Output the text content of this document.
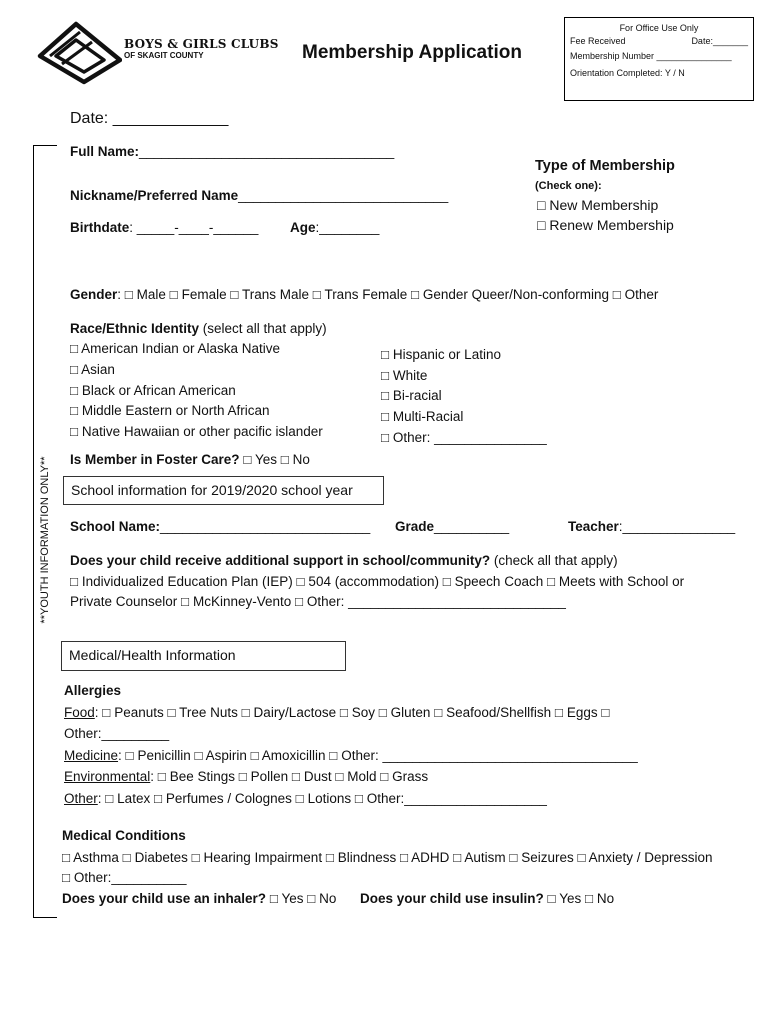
BOYS & GIRLS CLUBS
OF SKAGIT COUNTY	Membership Application
For Office Use Only
Fee Received	Date:_______
Membership Number _______________
Orientation Completed: Y / N
**YOUTH INFORMATION ONLY**
Date: _____________
Full Name:__________________________________
Type of Membership
(Check one):
□ New Membership
□ Renew Membership
Nickname/Preferred Name____________________________
Birthdate: _____-____-______ Age:________
Gender: □ Male □ Female □ Trans Male □ Trans Female □ Gender Queer/Non-conforming □ Other
Race/Ethnic Identity (select all that apply)
□ American Indian or Alaska Native
□ Asian
□ Black or African American
□ Middle Eastern or North African
□ Native Hawaiian or other pacific islander
□ Hispanic or Latino
□ White
□ Bi-racial
□ Multi-Racial
□ Other: _______________
Is Member in Foster Care? □ Yes □ No
School information for 2019/2020 school year
School Name:____________________________ Grade__________	Teacher:_______________
Does your child receive additional support in school/community? (check all that apply)
□ Individualized Education Plan (IEP) □ 504 (accommodation) □ Speech Coach □ Meets with School or
Private Counselor □ McKinney-Vento □ Other: _____________________________
Medical/Health Information
Allergies
Food: □ Peanuts □ Tree Nuts □ Dairy/Lactose □ Soy □ Gluten □ Seafood/Shellfish □ Eggs □
Other:_________
Medicine: □ Penicillin □ Aspirin □ Amoxicillin □ Other: __________________________________
Environmental: □ Bee Stings □ Pollen □ Dust □ Mold □ Grass
Other: □ Latex □ Perfumes / Colognes □ Lotions □ Other:___________________
Medical Conditions
□ Asthma □ Diabetes □ Hearing Impairment □ Blindness □ ADHD □ Autism □ Seizures □ Anxiety / Depression
□ Other:__________
Does your child use an inhaler? □ Yes □ No Does your child use insulin? □ Yes □ No
